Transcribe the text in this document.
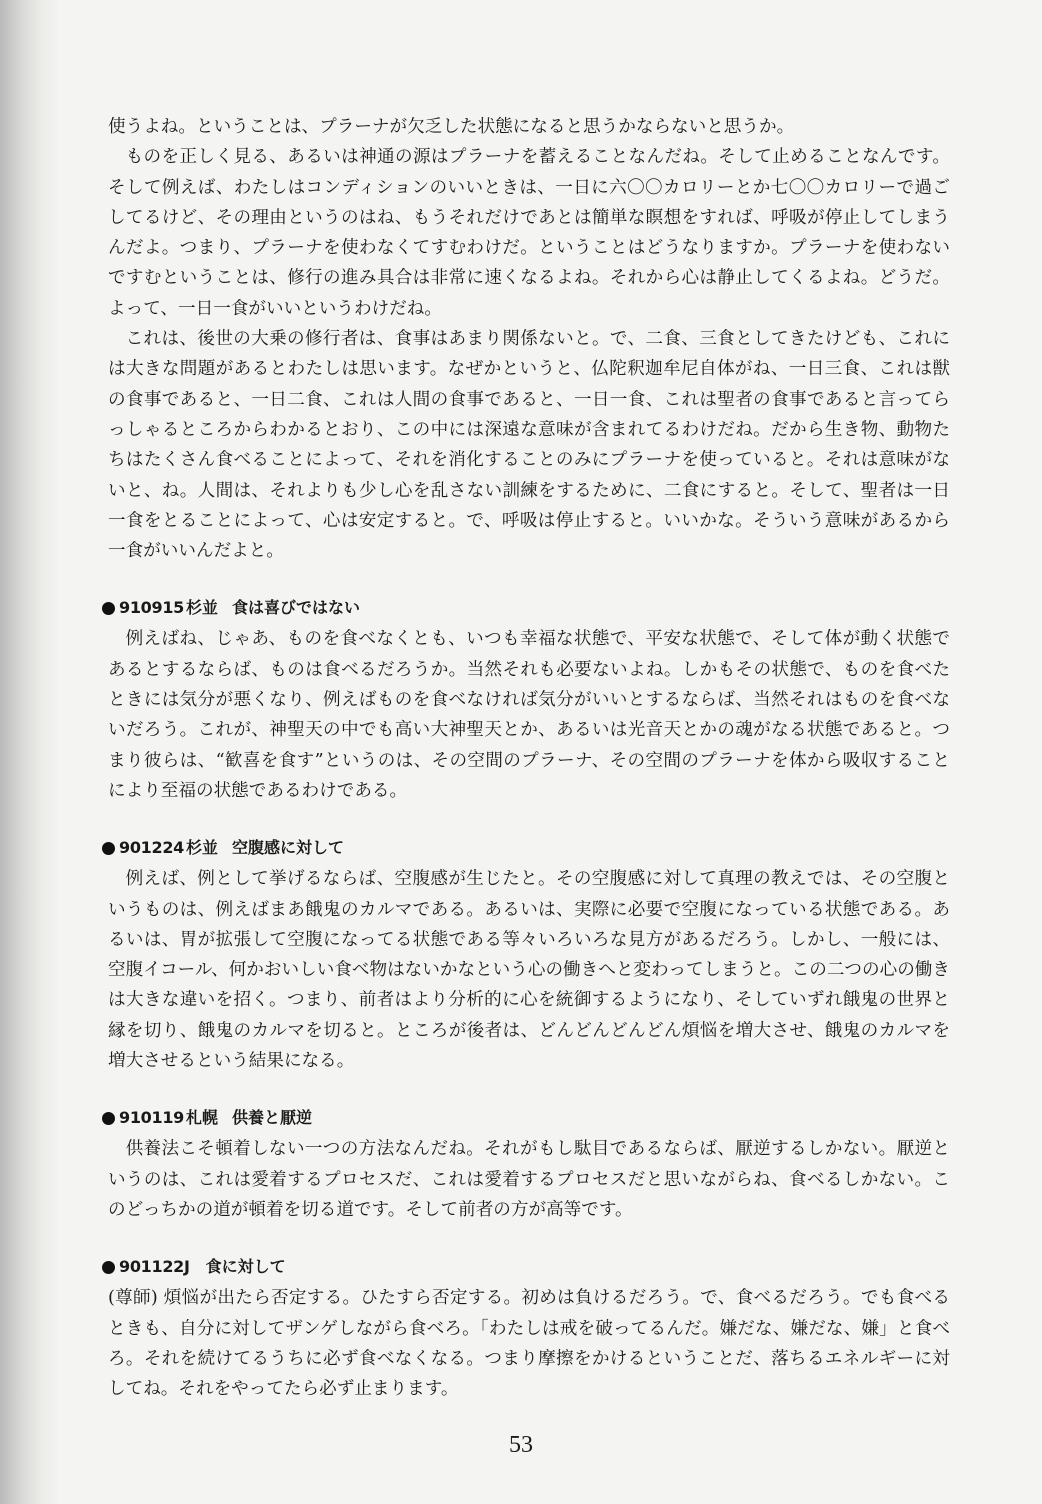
使うよね。ということは、プラーナが欠乏した状態になると思うかならないと思うか。

ものを正しく見る、あるいは神通の源はプラーナを蓄えることなんだね。そして止めることなんです。そして例えば、わたしはコンディションのいいときは、一日に六〇〇カロリーとか七〇〇カロリーで過ごしてるけど、その理由というのはね、もうそれだけであとは簡単な瞑想をすれば、呼吸が停止してしまうんだよ。つまり、プラーナを使わなくてすむわけだ。ということはどうなりますか。プラーナを使わないですむということは、修行の進み具合は非常に速くなるよね。それから心は静止してくるよね。どうだ。よって、一日一食がいいというわけだね。

これは、後世の大乗の修行者は、食事はあまり関係ないと。で、二食、三食としてきたけども、これには大きな問題があるとわたしは思います。なぜかというと、仏陀釈迦牟尼自体がね、一日三食、これは獣の食事であると、一日二食、これは人間の食事であると、一日一食、これは聖者の食事であると言ってらっしゃるところからわかるとおり、この中には深遠な意味が含まれてるわけだね。だから生き物、動物たちはたくさん食べることによって、それを消化することのみにプラーナを使っていると。それは意味がないと、ね。人間は、それよりも少し心を乱さない訓練をするために、二食にすると。そして、聖者は一日一食をとることによって、心は安定すると。で、呼吸は停止すると。いいかな。そういう意味があるから一食がいいんだよと。

910915 杉並 食は喜びではない

例えばね、じゃあ、ものを食べなくとも、いつも幸福な状態で、平安な状態で、そして体が動く状態であるとするならば、ものは食べるだろうか。当然それも必要ないよね。しかもその状態で、ものを食べたときには気分が悪くなり、例えばものを食べなければ気分がいいとするならば、当然それはものを食べないだろう。これが、神聖天の中でも高い大神聖天とか、あるいは光音天とかの魂がなる状態であると。つまり彼らは、“歓喜を食す”というのは、その空間のプラーナ、その空間のプラーナを体から吸収することにより至福の状態であるわけである。

901224 杉並 空腹感に対して

例えば、例として挙げるならば、空腹感が生じたと。その空腹感に対して真理の教えでは、その空腹というものは、例えばまあ餓鬼のカルマである。あるいは、実際に必要で空腹になっている状態である。あるいは、胃が拡張して空腹になってる状態である等々いろいろな見方があるだろう。しかし、一般には、空腹イコール、何かおいしい食べ物はないかなという心の働きへと変わってしまうと。この二つの心の働きは大きな違いを招く。つまり、前者はより分析的に心を統御するようになり、そしていずれ餓鬼の世界と縁を切り、餓鬼のカルマを切ると。ところが後者は、どんどんどんどん煩悩を増大させ、餓鬼のカルマを増大させるという結果になる。

910119 札幌 供養と厭逆

供養法こそ頓着しない一つの方法なんだね。それがもし駄目であるならば、厭逆するしかない。厭逆というのは、これは愛着するプロセスだ、これは愛着するプロセスだと思いながらね、食べるしかない。このどっちかの道が頓着を切る道です。そして前者の方が高等です。

901122J 食に対して

(尊師) 煩悩が出たら否定する。ひたすら否定する。初めは負けるだろう。で、食べるだろう。でも食べるときも、自分に対してザンゲしながら食べろ。「わたしは戒を破ってるんだ。嫌だな、嫌だな、嫌」と食べろ。それを続けてるうちに必ず食べなくなる。つまり摩擦をかけるということだ、落ちるエネルギーに対してね。それをやってたら必ず止まります。

53
